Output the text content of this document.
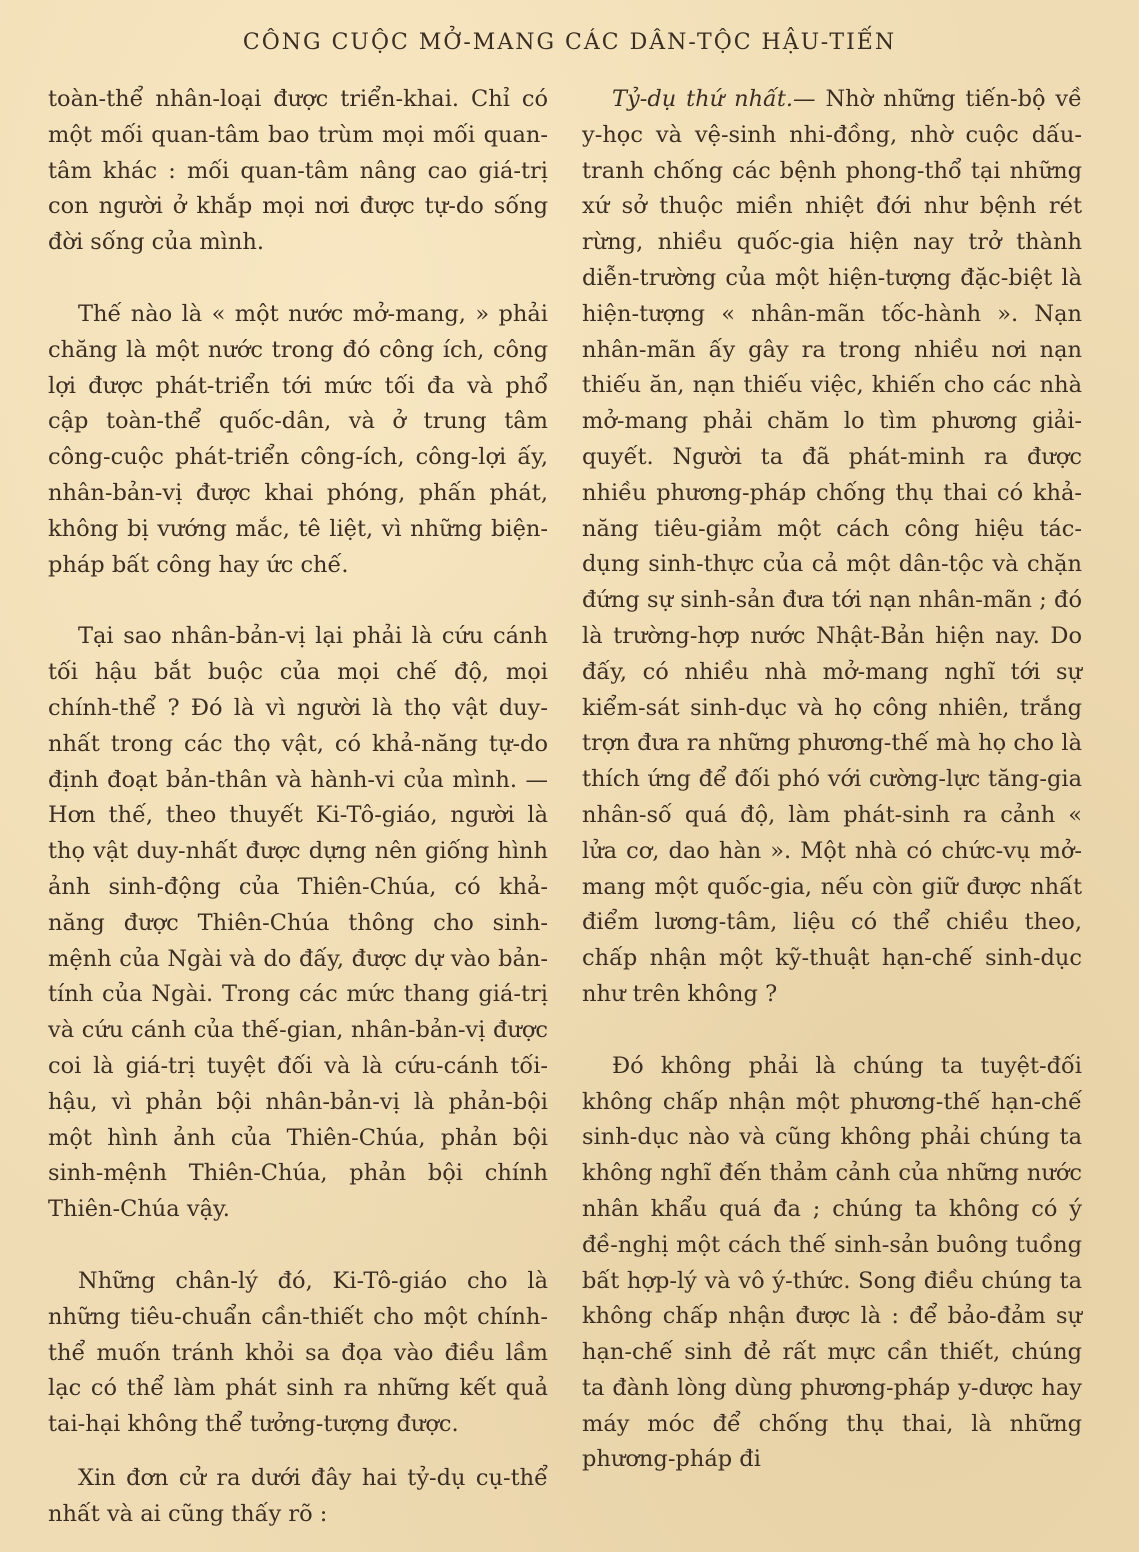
CÔNG CUỘC MỞ-MANG CÁC DÂN-TỘC HẬU-TIẾN

toàn-thể nhân-loại được triển-khai. Chỉ có một mối quan-tâm bao trùm mọi mối quan-tâm khác : mối quan-tâm nâng cao giá-trị con người ở khắp mọi nơi được tự-do sống đời sống của mình.

Thế nào là « một nước mở-mang, » phải chăng là một nước trong đó công ích, công lợi được phát-triển tới mức tối đa và phổ cập toàn-thể quốc-dân, và ở trung tâm công-cuộc phát-triển công-ích, công-lợi ấy, nhân-bản-vị được khai phóng, phấn phát, không bị vướng mắc, tê liệt, vì những biện-pháp bất công hay ức chế.

Tại sao nhân-bản-vị lại phải là cứu cánh tối hậu bắt buộc của mọi chế độ, mọi chính-thể ? Đó là vì người là thọ vật duy-nhất trong các thọ vật, có khả-năng tự-do định đoạt bản-thân và hành-vi của mình. — Hơn thế, theo thuyết Ki-Tô-giáo, người là thọ vật duy-nhất được dựng nên giống hình ảnh sinh-động của Thiên-Chúa, có khả-năng được Thiên-Chúa thông cho sinh-mệnh của Ngài và do đấy, được dự vào bản-tính của Ngài. Trong các mức thang giá-trị và cứu cánh của thế-gian, nhân-bản-vị được coi là giá-trị tuyệt đối và là cứu-cánh tối-hậu, vì phản bội nhân-bản-vị là phản-bội một hình ảnh của Thiên-Chúa, phản bội sinh-mệnh Thiên-Chúa, phản bội chính Thiên-Chúa vậy.

Những chân-lý đó, Ki-Tô-giáo cho là những tiêu-chuẩn cần-thiết cho một chính-thể muốn tránh khỏi sa đọa vào điều lầm lạc có thể làm phát sinh ra những kết quả tai-hại không thể tưởng-tượng được.

Xin đơn cử ra dưới đây hai tỷ-dụ cụ-thể nhất và ai cũng thấy rõ :

Tỷ-dụ thứ nhất.— Nhờ những tiến-bộ về y-học và vệ-sinh nhi-đồng, nhờ cuộc dấu-tranh chống các bệnh phong-thổ tại những xứ sở thuộc miền nhiệt đới như bệnh rét rừng, nhiều quốc-gia hiện nay trở thành diễn-trường của một hiện-tượng đặc-biệt là hiện-tượng « nhân-mãn tốc-hành ». Nạn nhân-mãn ấy gây ra trong nhiều nơi nạn thiếu ăn, nạn thiếu việc, khiến cho các nhà mở-mang phải chăm lo tìm phương giải-quyết. Người ta đã phát-minh ra được nhiều phương-pháp chống thụ thai có khả-năng tiêu-giảm một cách công hiệu tác-dụng sinh-thực của cả một dân-tộc và chặn đứng sự sinh-sản đưa tới nạn nhân-mãn ; đó là trường-hợp nước Nhật-Bản hiện nay. Do đấy, có nhiều nhà mở-mang nghĩ tới sự kiểm-sát sinh-dục và họ công nhiên, trắng trợn đưa ra những phương-thế mà họ cho là thích ứng để đối phó với cường-lực tăng-gia nhân-số quá độ, làm phát-sinh ra cảnh « lửa cơ, dao hàn ». Một nhà có chức-vụ mở-mang một quốc-gia, nếu còn giữ được nhất điểm lương-tâm, liệu có thể chiều theo, chấp nhận một kỹ-thuật hạn-chế sinh-dục như trên không ?

Đó không phải là chúng ta tuyệt-đối không chấp nhận một phương-thế hạn-chế sinh-dục nào và cũng không phải chúng ta không nghĩ đến thảm cảnh của những nước nhân khẩu quá đa ; chúng ta không có ý đề-nghị một cách thế sinh-sản buông tuồng bất hợp-lý và vô ý-thức. Song điều chúng ta không chấp nhận được là : để bảo-đảm sự hạn-chế sinh đẻ rất mực cần thiết, chúng ta đành lòng dùng phương-pháp y-dược hay máy móc để chống thụ thai, là những phương-pháp đi
